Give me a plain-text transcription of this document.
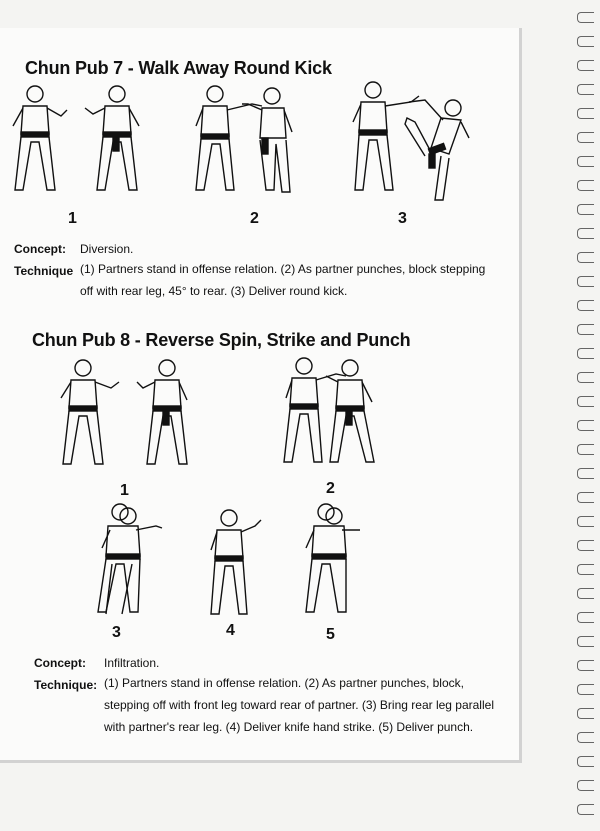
Chun Pub 7 - Walk Away Round Kick
1	2	3
Concept: Diversion.
Technique (1) Partners stand in offense relation. (2) As partner punches, block stepping
off with rear leg, 45° to rear. (3) Deliver round kick.
Chun Pub 8 - Reverse Spin, Strike and Punch
1	2
3	4	5
Concept: Infiltration.
Technique: (1) Partners stand in offense relation. (2) As partner punches, block,
stepping off with front leg toward rear of partner. (3) Bring rear leg parallel
with partner's rear leg. (4) Deliver knife hand strike. (5) Deliver punch.
